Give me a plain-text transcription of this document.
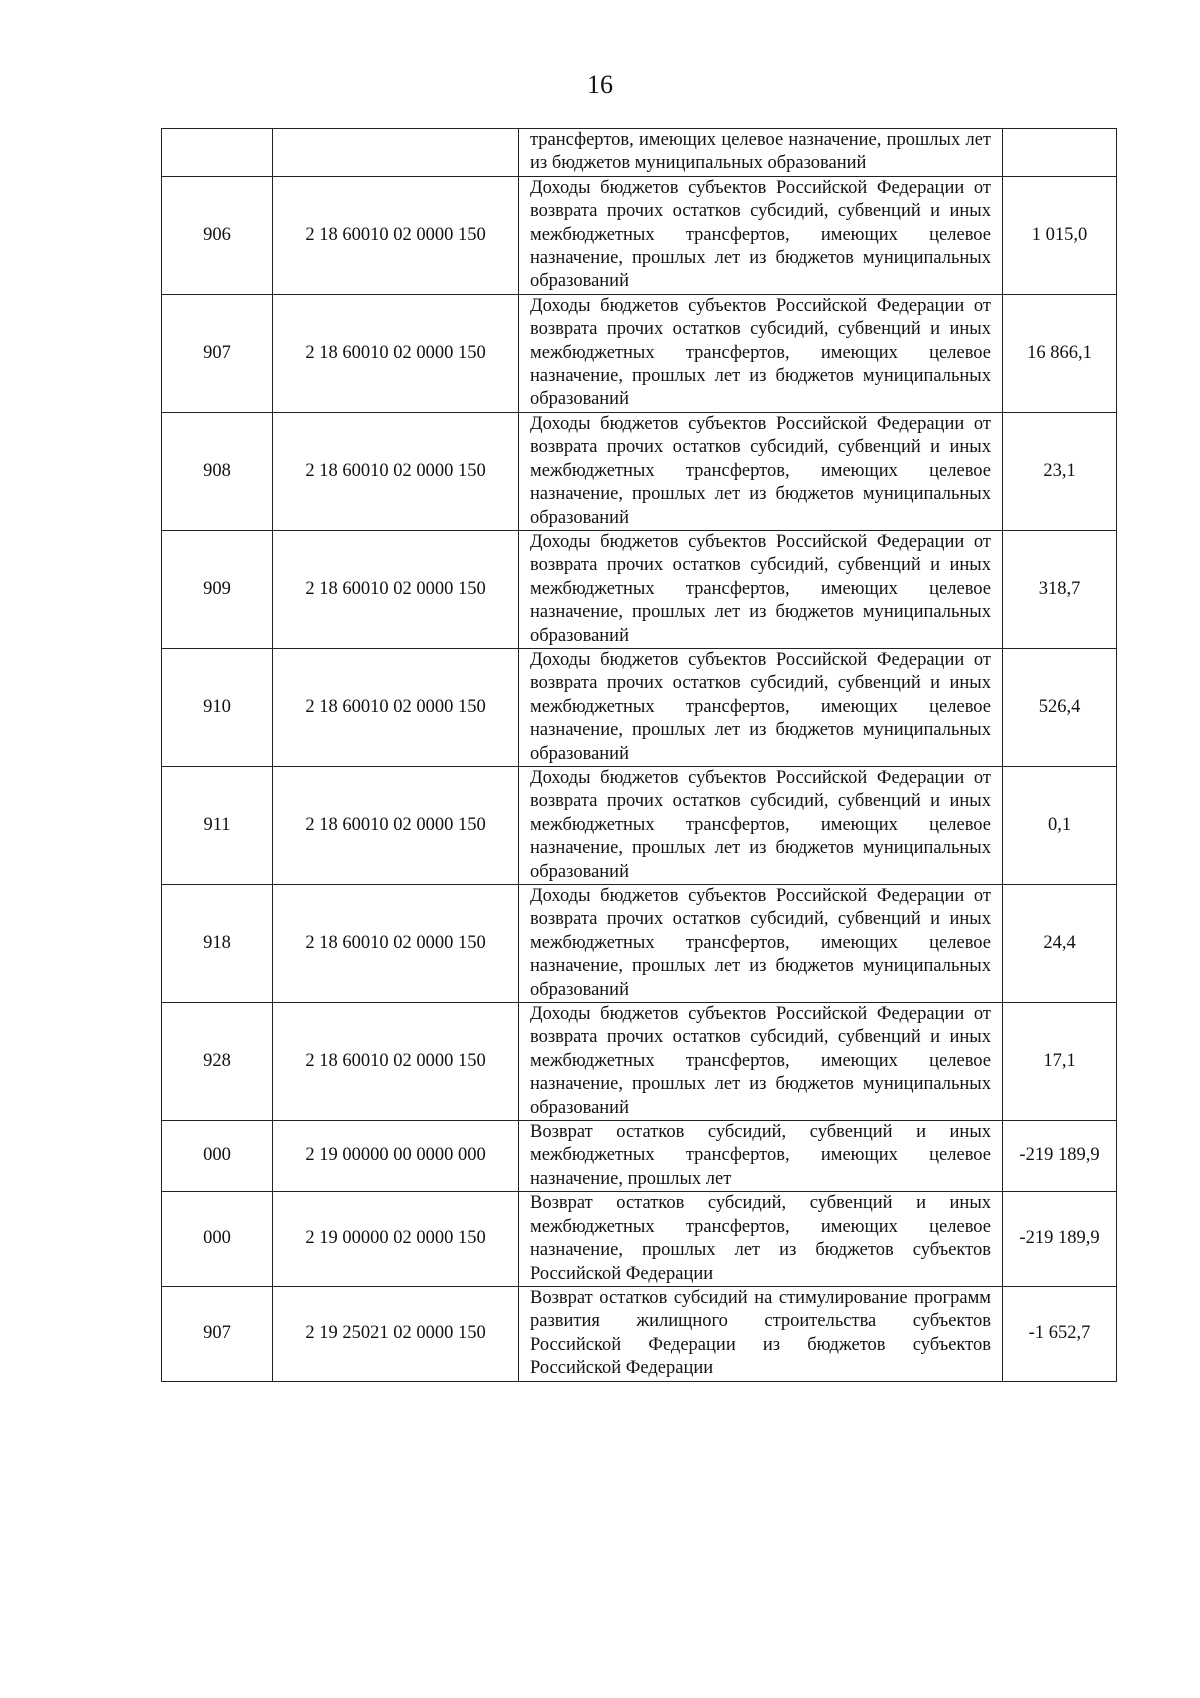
16
		трансфертов, имеющих целевое назначение, прошлых лет из бюджетов муниципальных образований	
906	2 18 60010 02 0000 150	Доходы бюджетов субъектов Российской Федерации от возврата прочих остатков субсидий, субвенций и иных межбюджетных трансфертов, имеющих целевое назначение, прошлых лет из бюджетов муниципальных образований	1 015,0
907	2 18 60010 02 0000 150	Доходы бюджетов субъектов Российской Федерации от возврата прочих остатков субсидий, субвенций и иных межбюджетных трансфертов, имеющих целевое назначение, прошлых лет из бюджетов муниципальных образований	16 866,1
908	2 18 60010 02 0000 150	Доходы бюджетов субъектов Российской Федерации от возврата прочих остатков субсидий, субвенций и иных межбюджетных трансфертов, имеющих целевое назначение, прошлых лет из бюджетов муниципальных образований	23,1
909	2 18 60010 02 0000 150	Доходы бюджетов субъектов Российской Федерации от возврата прочих остатков субсидий, субвенций и иных межбюджетных трансфертов, имеющих целевое назначение, прошлых лет из бюджетов муниципальных образований	318,7
910	2 18 60010 02 0000 150	Доходы бюджетов субъектов Российской Федерации от возврата прочих остатков субсидий, субвенций и иных межбюджетных трансфертов, имеющих целевое назначение, прошлых лет из бюджетов муниципальных образований	526,4
911	2 18 60010 02 0000 150	Доходы бюджетов субъектов Российской Федерации от возврата прочих остатков субсидий, субвенций и иных межбюджетных трансфертов, имеющих целевое назначение, прошлых лет из бюджетов муниципальных образований	0,1
918	2 18 60010 02 0000 150	Доходы бюджетов субъектов Российской Федерации от возврата прочих остатков субсидий, субвенций и иных межбюджетных трансфертов, имеющих целевое назначение, прошлых лет из бюджетов муниципальных образований	24,4
928	2 18 60010 02 0000 150	Доходы бюджетов субъектов Российской Федерации от возврата прочих остатков субсидий, субвенций и иных межбюджетных трансфертов, имеющих целевое назначение, прошлых лет из бюджетов муниципальных образований	17,1
000	2 19 00000 00 0000 000	Возврат остатков субсидий, субвенций и иных межбюджетных трансфертов, имеющих целевое назначение, прошлых лет	-219 189,9
000	2 19 00000 02 0000 150	Возврат остатков субсидий, субвенций и иных межбюджетных трансфертов, имеющих целевое назначение, прошлых лет из бюджетов субъектов Российской Федерации	-219 189,9
907	2 19 25021 02 0000 150	Возврат остатков субсидий на стимулирование программ развития жилищного строительства субъектов Российской Федерации из бюджетов субъектов Российской Федерации	-1 652,7
